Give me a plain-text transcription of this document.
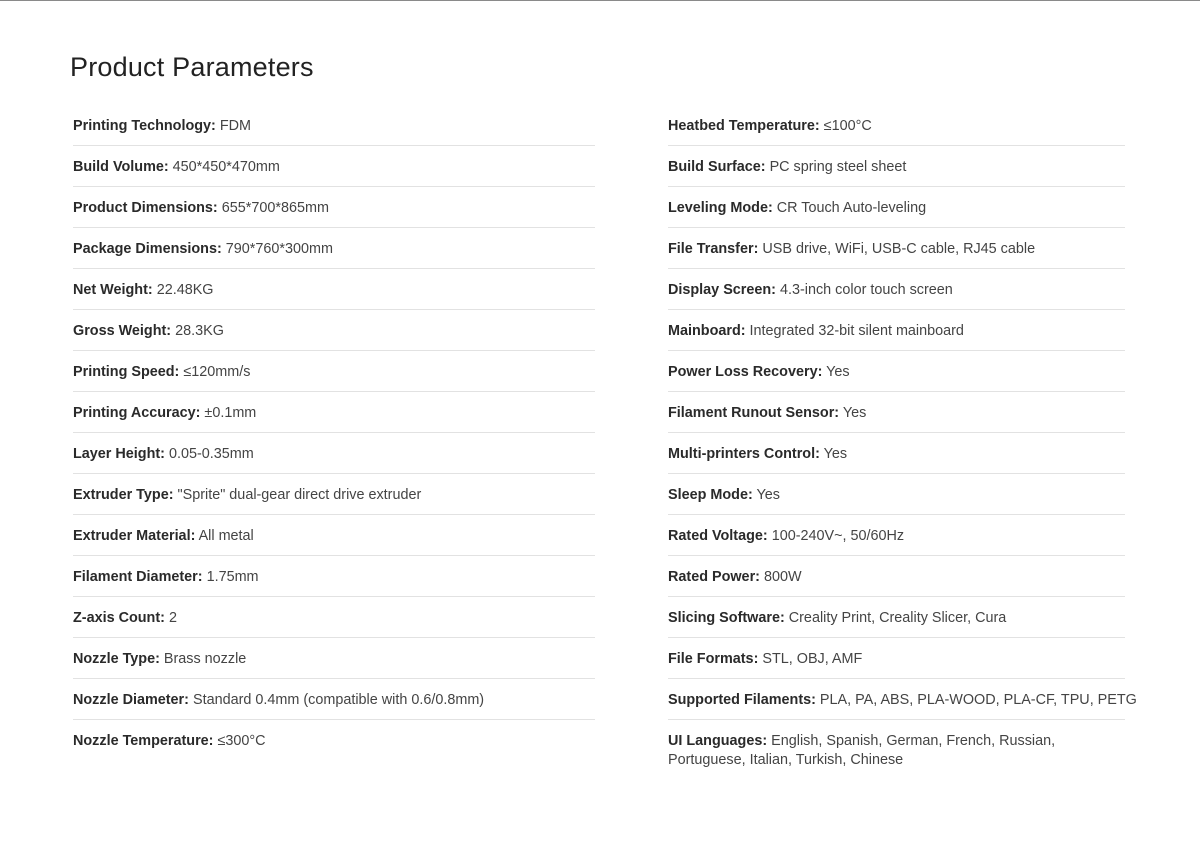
Product Parameters
Printing Technology: FDM
Build Volume: 450*450*470mm
Product Dimensions: 655*700*865mm
Package Dimensions: 790*760*300mm
Net Weight: 22.48KG
Gross Weight: 28.3KG
Printing Speed: ≤120mm/s
Printing Accuracy: ±0.1mm
Layer Height: 0.05-0.35mm
Extruder Type: "Sprite" dual-gear direct drive extruder
Extruder Material: All metal
Filament Diameter: 1.75mm
Z-axis Count: 2
Nozzle Type: Brass nozzle
Nozzle Diameter: Standard 0.4mm (compatible with 0.6/0.8mm)
Nozzle Temperature: ≤300°C
Heatbed Temperature: ≤100°C
Build Surface: PC spring steel sheet
Leveling Mode: CR Touch Auto-leveling
File Transfer: USB drive, WiFi, USB-C cable, RJ45 cable
Display Screen: 4.3-inch color touch screen
Mainboard: Integrated 32-bit silent mainboard
Power Loss Recovery: Yes
Filament Runout Sensor: Yes
Multi-printers Control: Yes
Sleep Mode: Yes
Rated Voltage: 100-240V~, 50/60Hz
Rated Power: 800W
Slicing Software: Creality Print, Creality Slicer, Cura
File Formats: STL, OBJ, AMF
Supported Filaments: PLA, PA, ABS, PLA-WOOD, PLA-CF, TPU, PETG
UI Languages: English, Spanish, German, French, Russian, Portuguese, Italian, Turkish, Chinese
